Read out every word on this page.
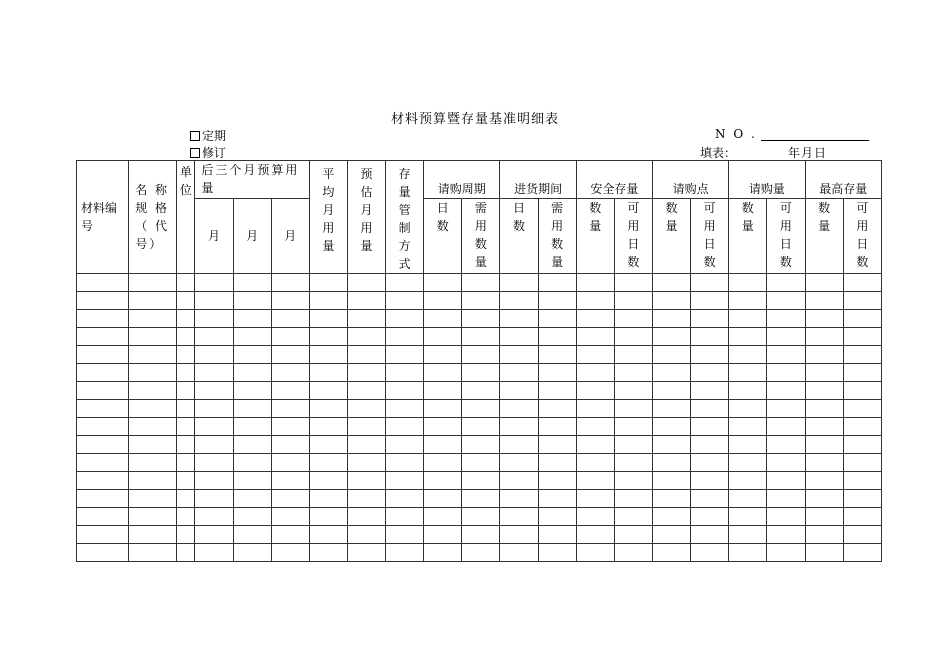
材料预算暨存量基准明细表
定期
修订
N O .
填表：	年月日
材料编号	名 称 规 格（ 代 号）	单位	后三个月预算用量			平均月用量	预估月用量	存量管制方式	请购周期		进货期间		安全存量		请购点		请购量		最高存量	
			月	月	月				日数	需用数量	日数	需用数量	数量	可用日数	数量	可用日数	数量	可用日数	数量	可用日数
